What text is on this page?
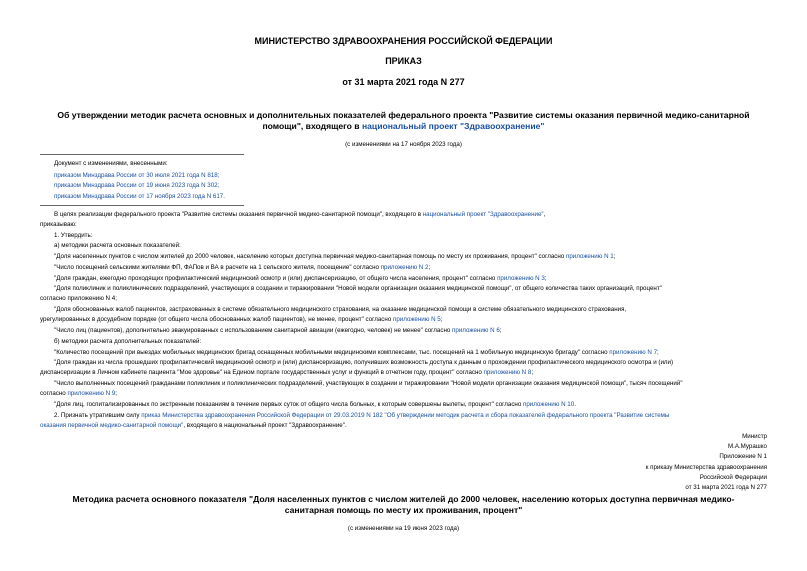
МИНИСТЕРСТВО ЗДРАВООХРАНЕНИЯ РОССИЙСКОЙ ФЕДЕРАЦИИ
ПРИКАЗ
от 31 марта 2021 года N 277
Об утверждении методик расчета основных и дополнительных показателей федерального проекта "Развитие системы оказания первичной медико-санитарной
помощи", входящего в национальный проект "Здравоохранение"
(с изменениями на 17 ноября 2023 года)
Документ с изменениями, внесенными:
приказом Минздрава России от 30 июля 2021 года N 818;
приказом Минздрава России от 19 июня 2023 года N 302;
приказом Минздрава России от 17 ноября 2023 года N 617.
В целях реализации федерального проекта "Развитие системы оказания первичной медико-санитарной помощи", входящего в национальный проект "Здравоохранение",
приказываю:
1. Утвердить:
а) методики расчета основных показателей:
"Доля населенных пунктов с числом жителей до 2000 человек, населению которых доступна первичная медико-санитарная помощь по месту их проживания, процент" согласно приложению N 1;
"Число посещений сельскими жителями ФП, ФАПов и ВА в расчете на 1 сельского жителя, посещение" согласно приложению N 2;
"Доля граждан, ежегодно проходящих профилактический медицинский осмотр и (или) диспансеризацию, от общего числа населения, процент" согласно приложению N 3;
"Доля поликлиник и поликлинических подразделений, участвующих в создании и тиражировании "Новой модели организации оказания медицинской помощи", от общего количества таких организаций, процент"
согласно приложению N 4;
"Доля обоснованных жалоб пациентов, застрахованных в системе обязательного медицинского страхования, на оказание медицинской помощи в системе обязательного медицинского страхования,
урегулированных в досудебном порядке (от общего числа обоснованных жалоб пациентов), не менее, процент" согласно приложению N 5;
"Число лиц (пациентов), дополнительно эвакуированных с использованием санитарной авиации (ежегодно, человек) не менее" согласно приложению N 6;
б) методики расчета дополнительных показателей:
"Количество посещений при выездах мобильных медицинских бригад оснащенных мобильными медицинскими комплексами, тыс. посещений на 1 мобильную медицинскую бригаду" согласно приложению N 7;
"Доля граждан из числа прошедших профилактический медицинский осмотр и (или) диспансеризацию, получивших возможность доступа к данным о прохождении профилактического медицинского осмотра и (или)
диспансеризации в Личном кабинете пациента "Мое здоровье" на Едином портале государственных услуг и функций в отчетном году, процент" согласно приложению N 8;
"Число выполненных посещений гражданами поликлиник и поликлинических подразделений, участвующих в создании и тиражировании "Новой модели организации оказания медицинской помощи", тысяч посещений"
согласно приложению N 9;
"Доля лиц, госпитализированных по экстренным показаниям в течение первых суток от общего числа больных, к которым совершены вылеты, процент" согласно приложению N 10.
2. Признать утратившим силу приказ Министерства здравоохранения Российской Федерации от 29.03.2019 N 182 "Об утверждении методик расчета и сбора показателей федерального проекта "Развитие системы
оказания первичной медико-санитарной помощи", входящего в национальный проект "Здравоохранение".
Министр
М.А.Мурашко
Приложение N 1
к приказу Министерства здравоохранения
Российской Федерации
от 31 марта 2021 года N 277
Методика расчета основного показателя "Доля населенных пунктов с числом жителей до 2000 человек, населению которых доступна первичная медико-
санитарная помощь по месту их проживания, процент"
(с изменениями на 19 июня 2023 года)
